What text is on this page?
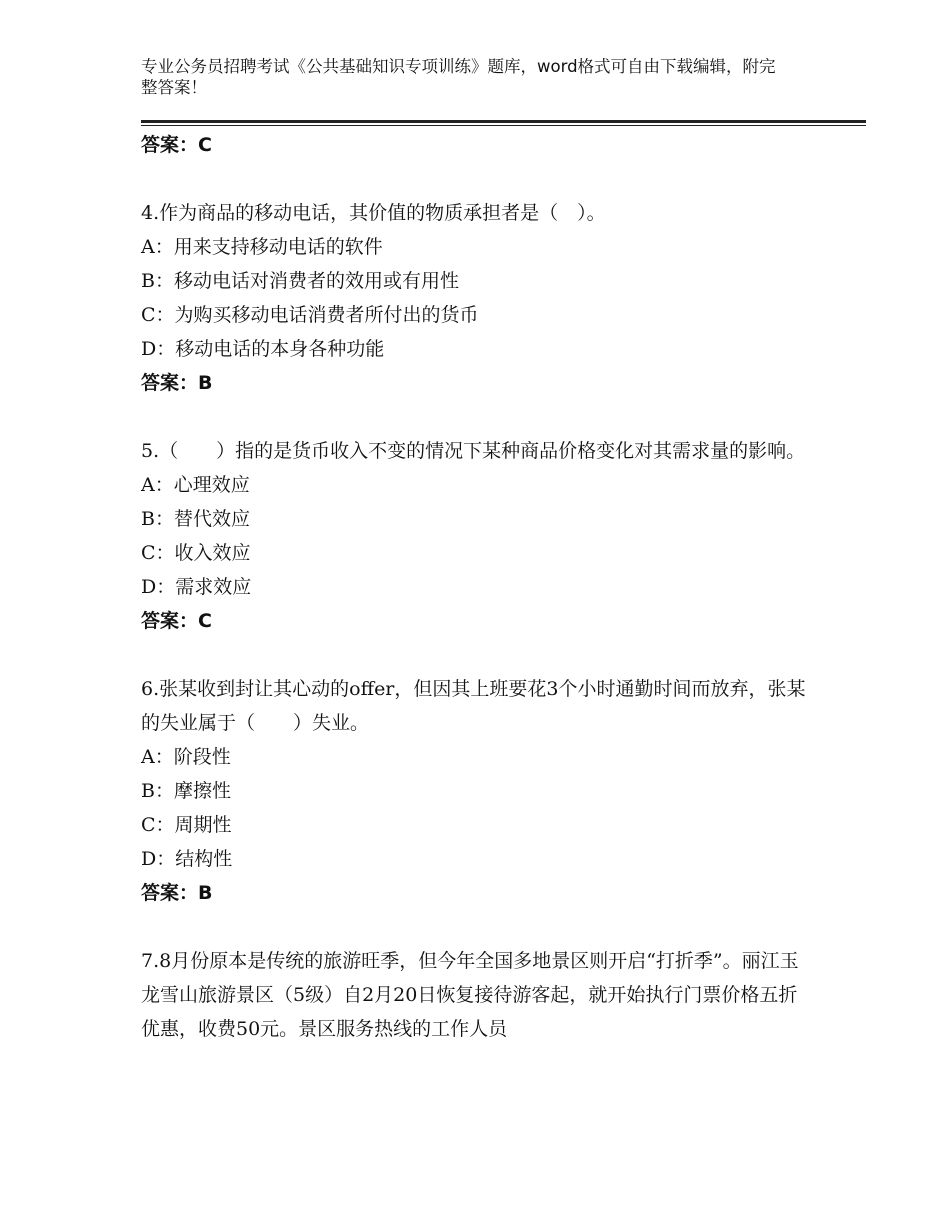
专业公务员招聘考试《公共基础知识专项训练》题库，word格式可自由下载编辑，附完整答案！
答案：C

4.作为商品的移动电话，其价值的物质承担者是（　）。

A：用来支持移动电话的软件
B：移动电话对消费者的效用或有用性
C：为购买移动电话消费者所付出的货币
D：移动电话的本身各种功能
答案：B

5.（　　）指的是货币收入不变的情况下某种商品价格变化对其需求量的影响。

A：心理效应
B：替代效应
C：收入效应
D：需求效应
答案：C

6.张某收到封让其心动的offer，但因其上班要花3个小时通勤时间而放弃，张某的失业属于（　　）失业。

A：阶段性
B：摩擦性
C：周期性
D：结构性
答案：B

7.8月份原本是传统的旅游旺季，但今年全国多地景区则开启“打折季”。丽江玉龙雪山旅游景区（5级）自2月20日恢复接待游客起，就开始执行门票价格五折优惠，收费50元。景区服务热线的工作人员
